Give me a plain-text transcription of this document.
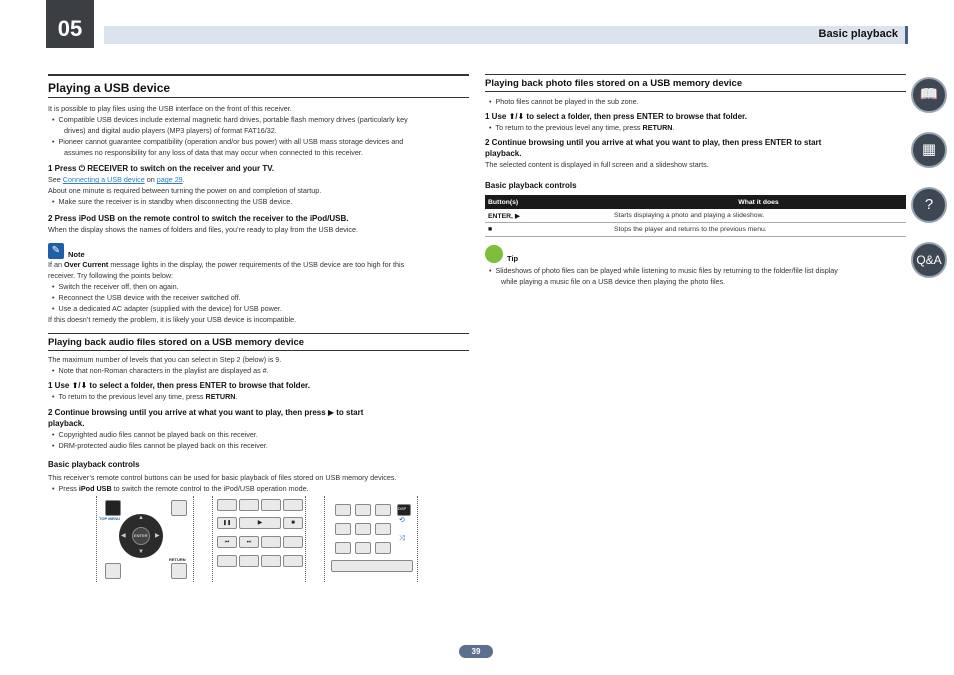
05	Basic playback
Playing a USB device

It is possible to play files using the USB interface on the front of this receiver.

•  Compatible USB devices include external magnetic hard drives, portable flash memory drives (particularly key
drives) and digital audio players (MP3 players) of format FAT16/32.
•  Pioneer cannot guarantee compatibility (operation and/or bus power) with all USB mass storage devices and
assumes no responsibility for any loss of data that may occur when connected to this receiver.
1 Press ⏻ RECEIVER to switch on the receiver and your TV.

See Connecting a USB device on page 29.

About one minute is required between turning the power on and completion of startup.

•  Make sure the receiver is in standby when disconnecting the USB device.
2 Press iPod USB on the remote control to switch the receiver to the iPod/USB.

When the display shows the names of folders and files, you’re ready to play from the USB device.

✎	Note

If an Over Current message lights in the display, the power requirements of the USB device are too high for this

receiver. Try following the points below:

•  Switch the receiver off, then on again.
•  Reconnect the USB device with the receiver switched off.
•  Use a dedicated AC adapter (supplied with the device) for USB power.

If this doesn’t remedy the problem, it is likely your USB device is incompatible.

Playing back audio files stored on a USB memory device

The maximum number of levels that you can select in Step 2 (below) is 9.

•  Note that non-Roman characters in the playlist are displayed as #.
1 Use ⬆/⬇ to select a folder, then press ENTER to browse that folder.
•  To return to the previous level any time, press RETURN.
2 Continue browsing until you arrive at what you want to play, then press ▶ to start
playback.
•  Copyrighted audio files cannot be played back on this receiver.
•  DRM-protected audio files cannot be played back on this receiver.
Basic playback controls

This receiver’s remote control buttons can be used for basic playback of files stored on USB memory devices.

•  Press iPod USB to switch the remote control to the iPod/USB operation mode.
TOP MENU
ENTER
▲
▼
◀	▶
RETURN
❚❚	▶	■
⏮	⏭
DISP
⟲
⤨
Playing back photo files stored on a USB memory device
•  Photo files cannot be played in the sub zone.
1 Use ⬆/⬇ to select a folder, then press ENTER to browse that folder.
•  To return to the previous level any time, press RETURN.
2 Continue browsing until you arrive at what you want to play, then press ENTER to start
playback.

The selected content is displayed in full screen and a slideshow starts.

Basic playback controls
Button(s)	What it does
ENTER, ▶	Starts displaying a photo and playing a slideshow.
■	Stops the player and returns to the previous menu.
Tip
•  Slideshows of photo files can be played while listening to music files by returning to the folder/file list display
while playing a music file on a USB device then playing the photo files.
📖
▦
?
Q&A
39
